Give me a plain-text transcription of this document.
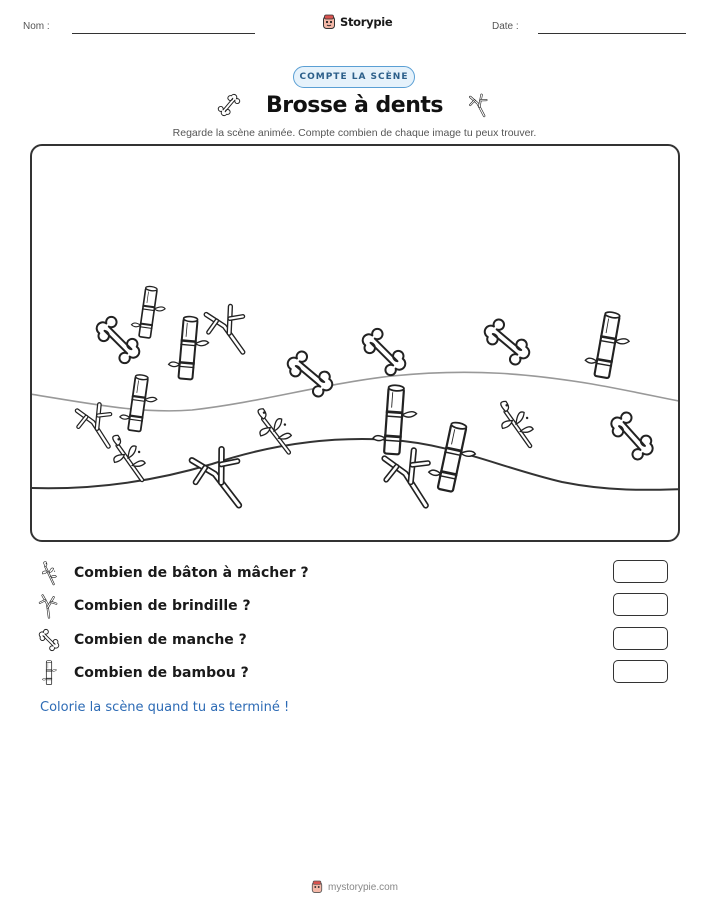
Nom :	Storypie	Date :
COMPTE LA SCÈNE
Brosse à dents
Regarde la scène animée. Compte combien de chaque image tu peux trouver.
Combien de bâton à mâcher ?
Combien de brindille ?
Combien de manche ?
Combien de bambou ?
Colorie la scène quand tu as terminé !
mystorypie.com
